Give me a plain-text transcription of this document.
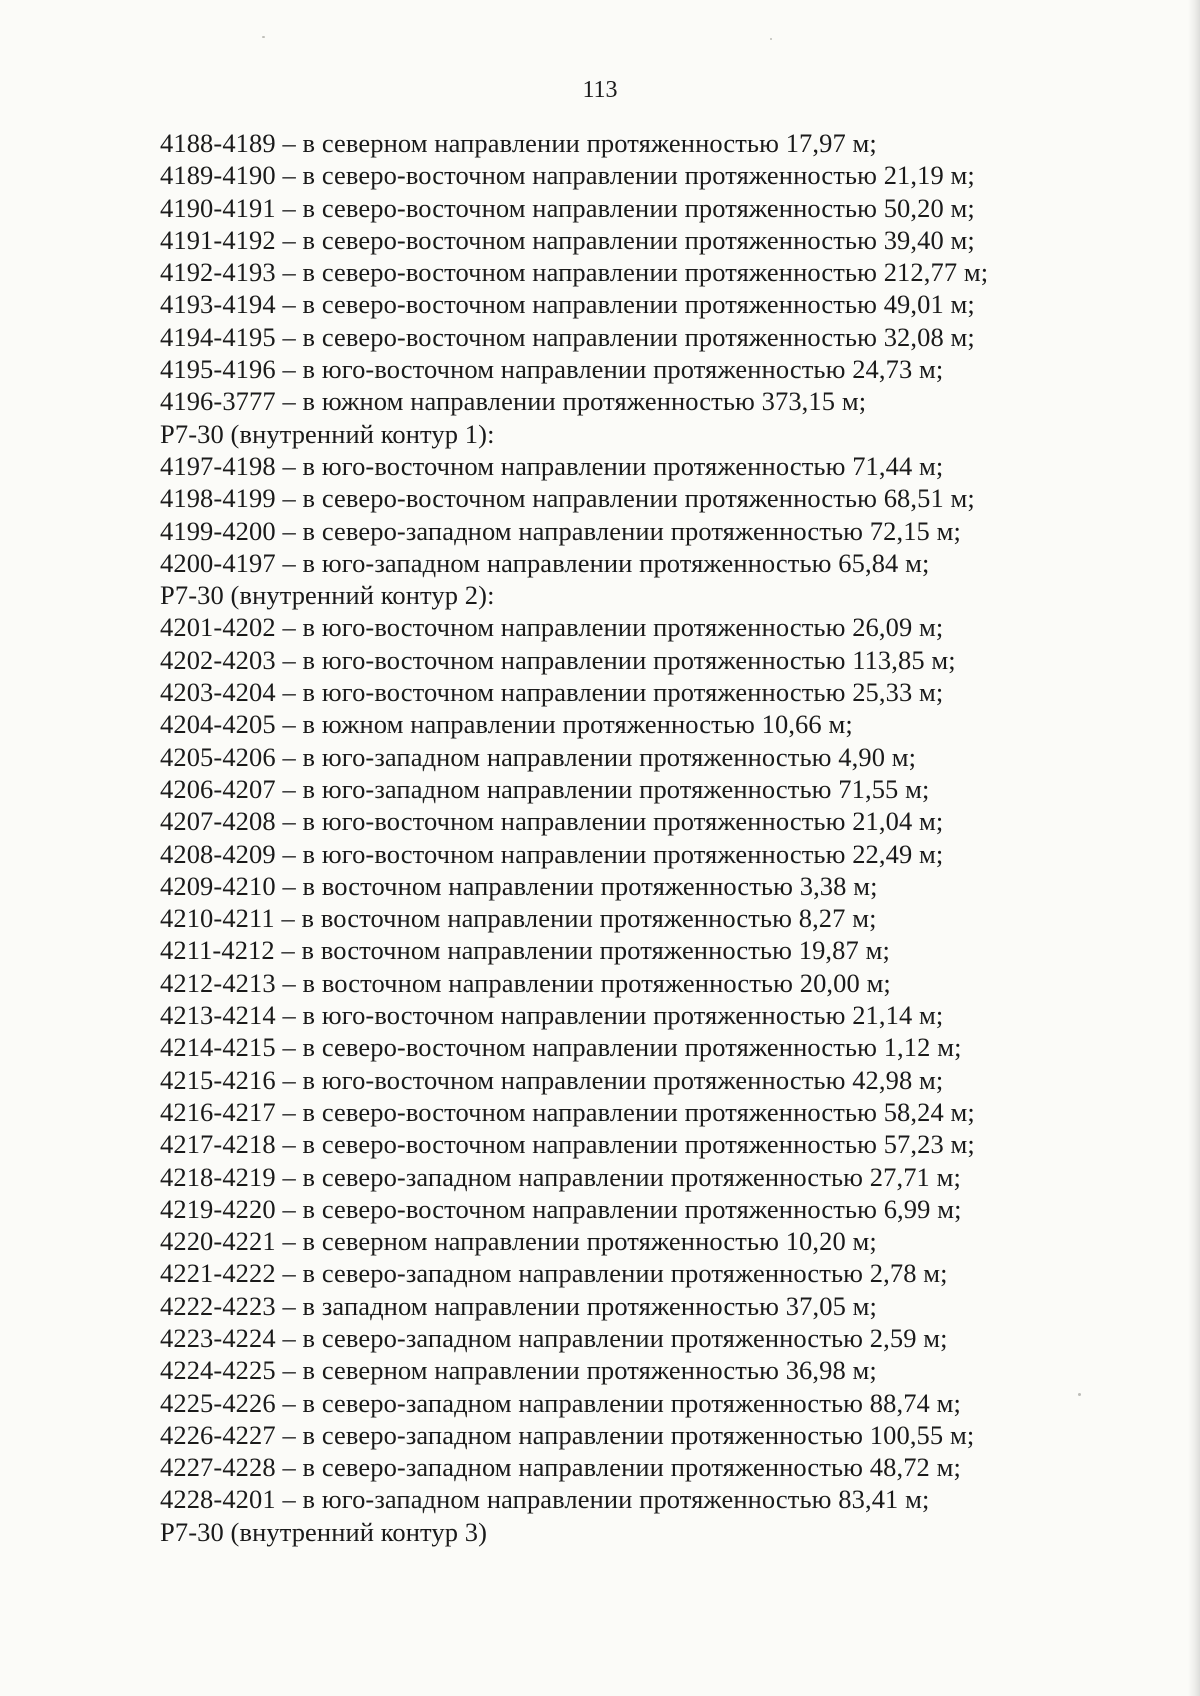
113
4188-4189 – в северном направлении протяженностью 17,97 м;
4189-4190 – в северо-восточном направлении протяженностью 21,19 м;
4190-4191 – в северо-восточном направлении протяженностью 50,20 м;
4191-4192 – в северо-восточном направлении протяженностью 39,40 м;
4192-4193 – в северо-восточном направлении протяженностью 212,77 м;
4193-4194 – в северо-восточном направлении протяженностью 49,01 м;
4194-4195 – в северо-восточном направлении протяженностью 32,08 м;
4195-4196 – в юго-восточном направлении протяженностью 24,73 м;
4196-3777 – в южном направлении протяженностью 373,15 м;
Р7-30 (внутренний контур 1):
4197-4198 – в юго-восточном направлении протяженностью 71,44 м;
4198-4199 – в северо-восточном направлении протяженностью 68,51 м;
4199-4200 – в северо-западном направлении протяженностью 72,15 м;
4200-4197 – в юго-западном направлении протяженностью 65,84 м;
Р7-30 (внутренний контур 2):
4201-4202 – в юго-восточном направлении протяженностью 26,09 м;
4202-4203 – в юго-восточном направлении протяженностью 113,85 м;
4203-4204 – в юго-восточном направлении протяженностью 25,33 м;
4204-4205 – в южном направлении протяженностью 10,66 м;
4205-4206 – в юго-западном направлении протяженностью 4,90 м;
4206-4207 – в юго-западном направлении протяженностью 71,55 м;
4207-4208 – в юго-восточном направлении протяженностью 21,04 м;
4208-4209 – в юго-восточном направлении протяженностью 22,49 м;
4209-4210 – в восточном направлении протяженностью 3,38 м;
4210-4211 – в восточном направлении протяженностью 8,27 м;
4211-4212 – в восточном направлении протяженностью 19,87 м;
4212-4213 – в восточном направлении протяженностью 20,00 м;
4213-4214 – в юго-восточном направлении протяженностью 21,14 м;
4214-4215 – в северо-восточном направлении протяженностью 1,12 м;
4215-4216 – в юго-восточном направлении протяженностью 42,98 м;
4216-4217 – в северо-восточном направлении протяженностью 58,24 м;
4217-4218 – в северо-восточном направлении протяженностью 57,23 м;
4218-4219 – в северо-западном направлении протяженностью 27,71 м;
4219-4220 – в северо-восточном направлении протяженностью 6,99 м;
4220-4221 – в северном направлении протяженностью 10,20 м;
4221-4222 – в северо-западном направлении протяженностью 2,78 м;
4222-4223 – в западном направлении протяженностью 37,05 м;
4223-4224 – в северо-западном направлении протяженностью 2,59 м;
4224-4225 – в северном направлении протяженностью 36,98 м;
4225-4226 – в северо-западном направлении протяженностью 88,74 м;
4226-4227 – в северо-западном направлении протяженностью 100,55 м;
4227-4228 – в северо-западном направлении протяженностью 48,72 м;
4228-4201 – в юго-западном направлении протяженностью 83,41 м;
Р7-30 (внутренний контур 3)
